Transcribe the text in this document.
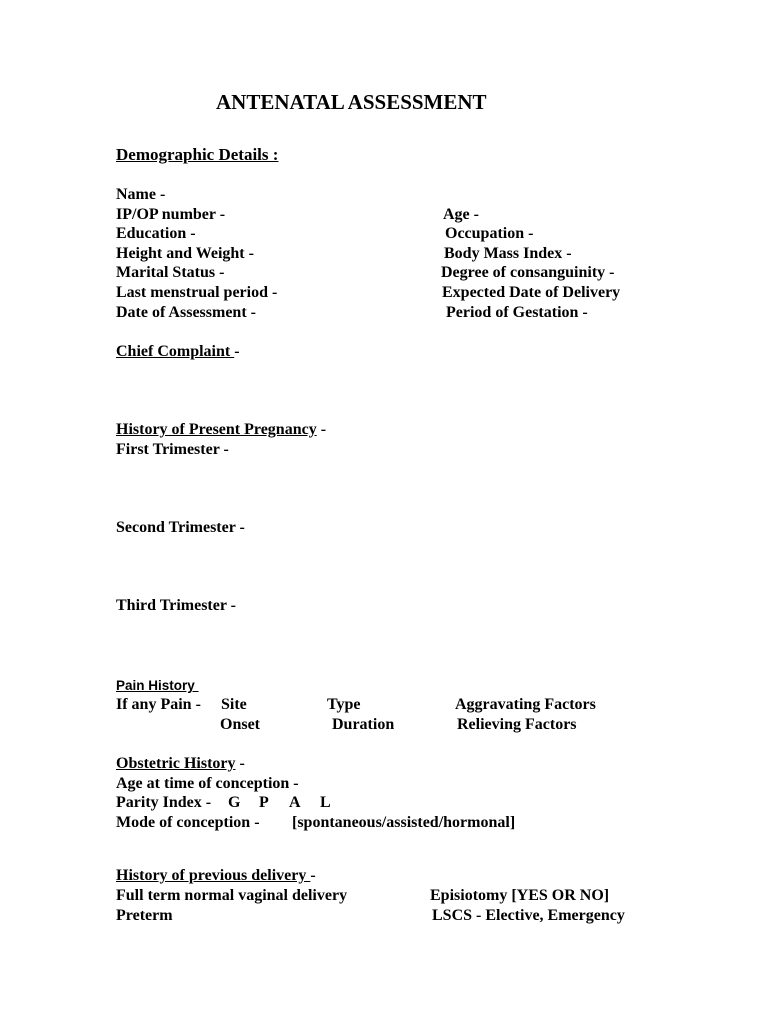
ANTENATAL ASSESSMENT
Demographic Details :
Name -
IP/OP number -	Age -
Education -	Occupation -
Height and Weight -	Body Mass Index -
Marital Status -	Degree of consanguinity -
Last menstrual period -	Expected Date of Delivery
Date of Assessment -	Period of Gestation -
Chief Complaint -
History of Present Pregnancy -
First Trimester -
Second Trimester -
Third Trimester -
Pain History
If any Pain - Site	Type	Aggravating Factors
Onset	Duration	Relieving Factors
Obstetric History -
Age at time of conception -
Parity Index - G P A L
Mode of conception - [spontaneous/assisted/hormonal]
History of previous delivery -
Full term normal vaginal delivery	Episiotomy [YES OR NO]
Preterm	LSCS - Elective, Emergency
